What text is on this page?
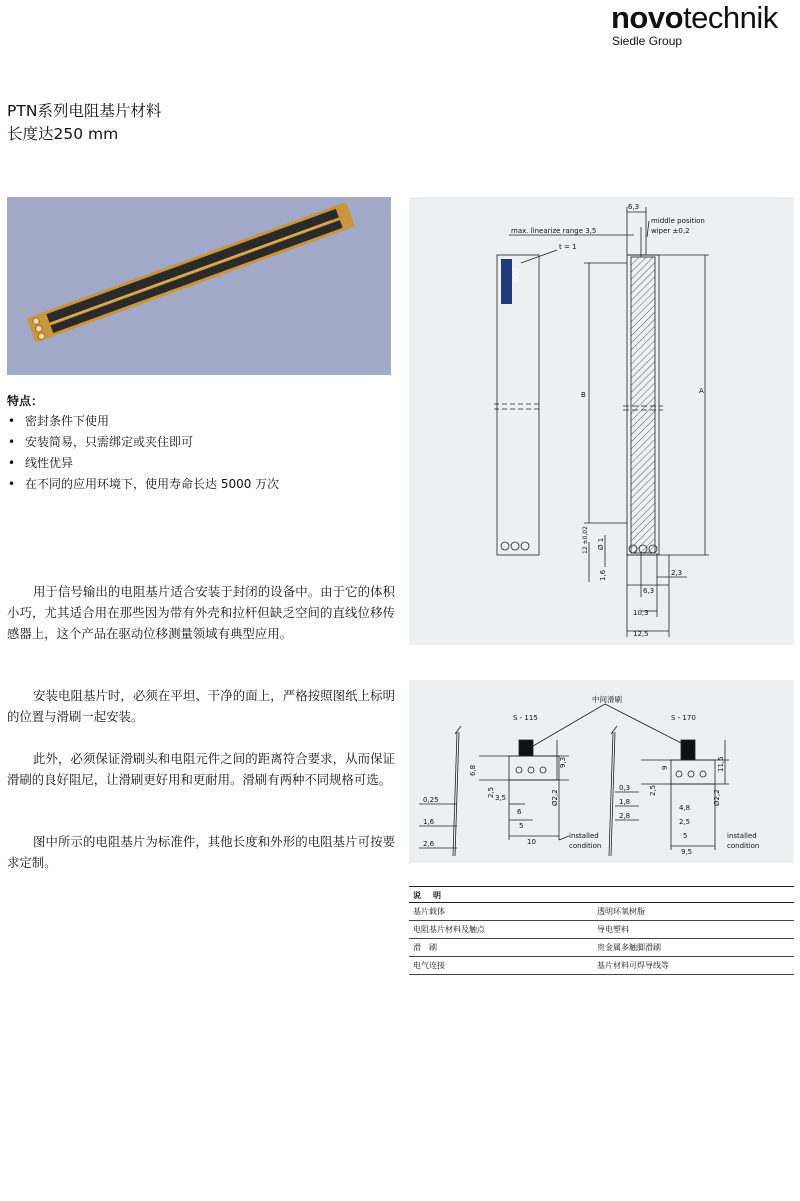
novotechnik
Siedle Group
PTN系列电阻基片材料
长度达250 mm
特点：
• 密封条件下使用
• 安装简易，只需绑定或夹住即可
• 线性优异
• 在不同的应用环境下，使用寿命长达 5000 万次

用于信号输出的电阻基片适合安装于封闭的设备中。由于它的体积小巧，尤其适合用在那些因为带有外壳和拉杆但缺乏空间的直线位移传感器上，这个产品在驱动位移测量领域有典型应用。

安装电阻基片时，必须在平坦、干净的面上，严格按照图纸上标明的位置与滑刷一起安装。

此外，必须保证滑刷头和电阻元件之间的距离符合要求，从而保证滑刷的良好阻尼，让滑刷更好用和更耐用。滑刷有两种不同规格可选。

图中所示的电阻基片为标准件，其他长度和外形的电阻基片可按要求定制。

6,3
middle position
wiper ±0,2
max. linearize range 3,5
t = 1
200
B	A
12 ±0,02 Ø 1
1,6	2,3
6,3
10,3
12,5
中间滑刷
S - 115	S - 170
6,8
2,5 3,5
6
5
10
9,3
Ø2,2
0,25
1,6
2,6
installed
condition
9
2,5
11,5
Ø2,2
0,3
1,8
2,8
4,8
2,5
5
9,5
installed
condition
说　明
基片载体	透明环氧树脂
电阻基片材料及触点	导电塑料
滑　刷	贵金属多触脚滑刷
电气连接	基片材料可焊导线等
